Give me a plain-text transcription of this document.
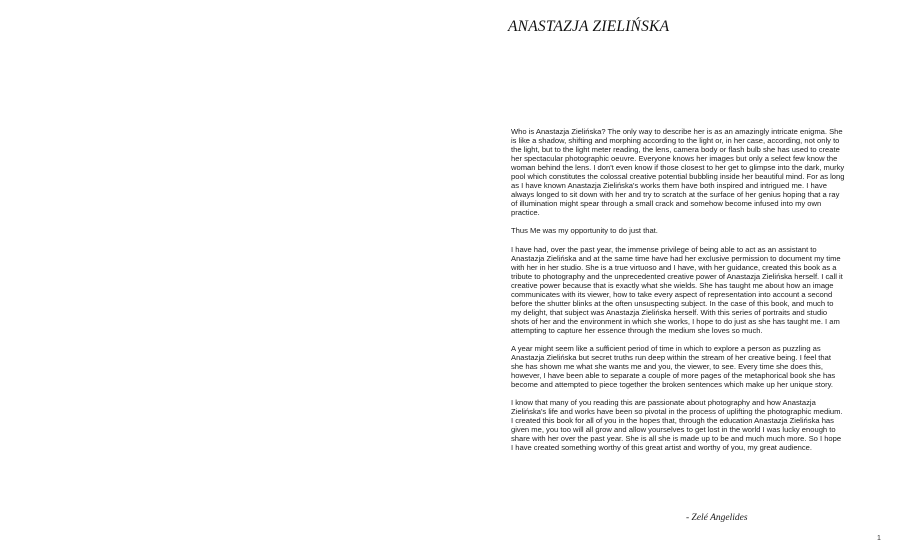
ANASTAZJA ZIELIŃSKA

Who is Anastazja Zielińska? The only way to describe her is as an amazingly intricate enigma. She is like a shadow, shifting and morphing according to the light or, in her case, according, not only to the light, but to the light meter reading, the lens, camera body or flash bulb she has used to create her spectacular photographic oeuvre. Everyone knows her images but only a select few know the woman behind the lens. I don't even know if those closest to her get to glimpse into the dark, murky pool which constitutes the colossal creative potential bubbling inside her beautiful mind. For as long as I have known Anastazja Zielińska's works them have both inspired and intrigued me. I have always longed to sit down with her and try to scratch at the surface of her genius hoping that a ray of illumination might spear through a small crack and somehow become infused into my own practice.

Thus Me was my opportunity to do just that.

I have had, over the past year, the immense privilege of being able to act as an assistant to Anastazja Zielińska and at the same time have had her exclusive permission to document my time with her in her studio. She is a true virtuoso and I have, with her guidance, created this book as a tribute to photography and the unprecedented creative power of Anastazja Zielińska herself. I call it creative power because that is exactly what she wields. She has taught me about how an image communicates with its viewer, how to take every aspect of representation into account a second before the shutter blinks at the often unsuspecting subject. In the case of this book, and much to my delight, that subject was Anastazja Zielińska herself. With this series of portraits and studio shots of her and the environment in which she works, I hope to do just as she has taught me. I am attempting to capture her essence through the medium she loves so much.

A year might seem like a sufficient period of time in which to explore a person as puzzling as Anastazja Zielińska but secret truths run deep within the stream of her creative being. I feel that she has shown me what she wants me and you, the viewer, to see. Every time she does this, however, I have been able to separate a couple of more pages of the metaphorical book she has become and attempted to piece together the broken sentences which make up her unique story.

I know that many of you reading this are passionate about photography and how Anastazja Zielińska's life and works have been so pivotal in the process of uplifting the photographic medium. I created this book for all of you in the hopes that, through the education Anastazja Zielińska has given me, you too will all grow and allow yourselves to get lost in the world I was lucky enough to share with her over the past year. She is all she is made up to be and much much more. So I hope I have created something worthy of this great artist and worthy of you, my great audience.

- Zelé Angelides
1
